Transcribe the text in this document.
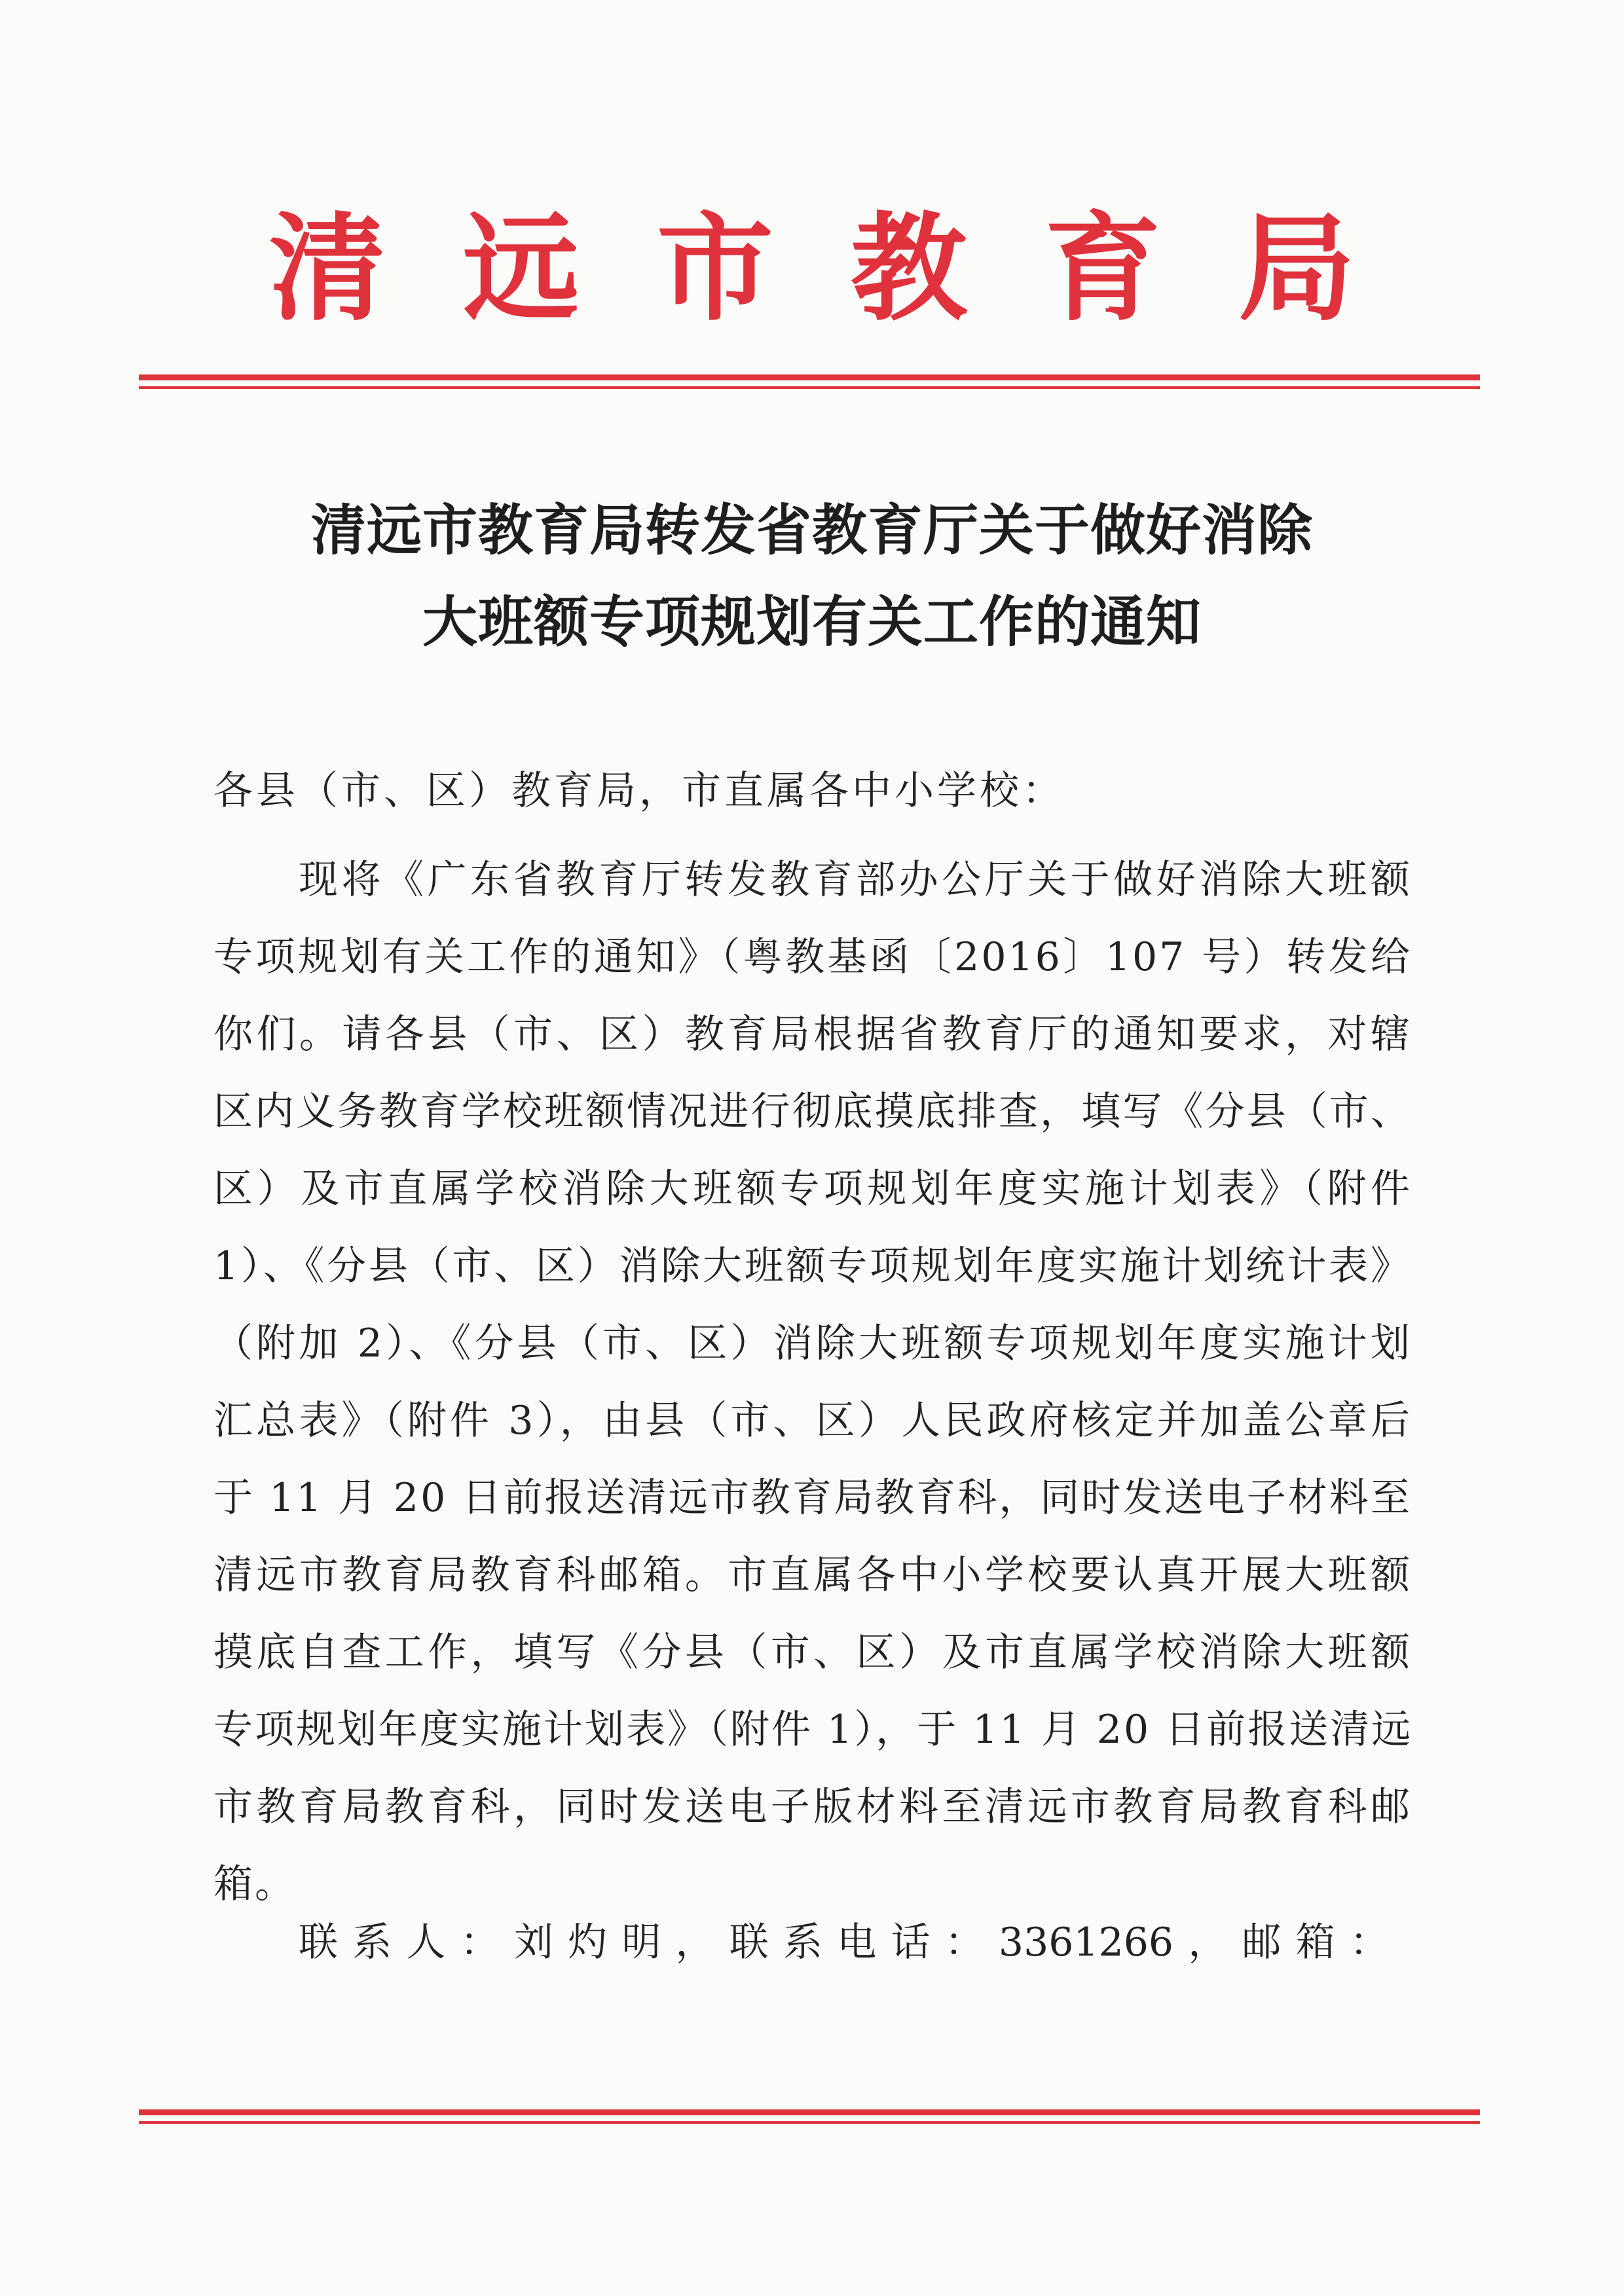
清远市教育局
清远市教育局转发省教育厅关于做好消除
大班额专项规划有关工作的通知
各县（市、区）教育局，市直属各中小学校：
现将《广东省教育厅转发教育部办公厅关于做好消除大班额
专项规划有关工作的通知》（粤教基函〔2016〕107 号）转发给
你们。请各县（市、区）教育局根据省教育厅的通知要求，对辖
区内义务教育学校班额情况进行彻底摸底排查，填写《分县（市、
区）及市直属学校消除大班额专项规划年度实施计划表》（附件
1）、《分县（市、区）消除大班额专项规划年度实施计划统计表》
（附加 2）、《分县（市、区）消除大班额专项规划年度实施计划
汇总表》（附件 3），由县（市、区）人民政府核定并加盖公章后
于 11 月 20 日前报送清远市教育局教育科，同时发送电子材料至
清远市教育局教育科邮箱。市直属各中小学校要认真开展大班额
摸底自查工作，填写《分县（市、区）及市直属学校消除大班额
专项规划年度实施计划表》（附件 1），于 11 月 20 日前报送清远
市教育局教育科，同时发送电子版材料至清远市教育局教育科邮
箱。
联系人：刘灼明，联系电话：3361266，邮箱：
